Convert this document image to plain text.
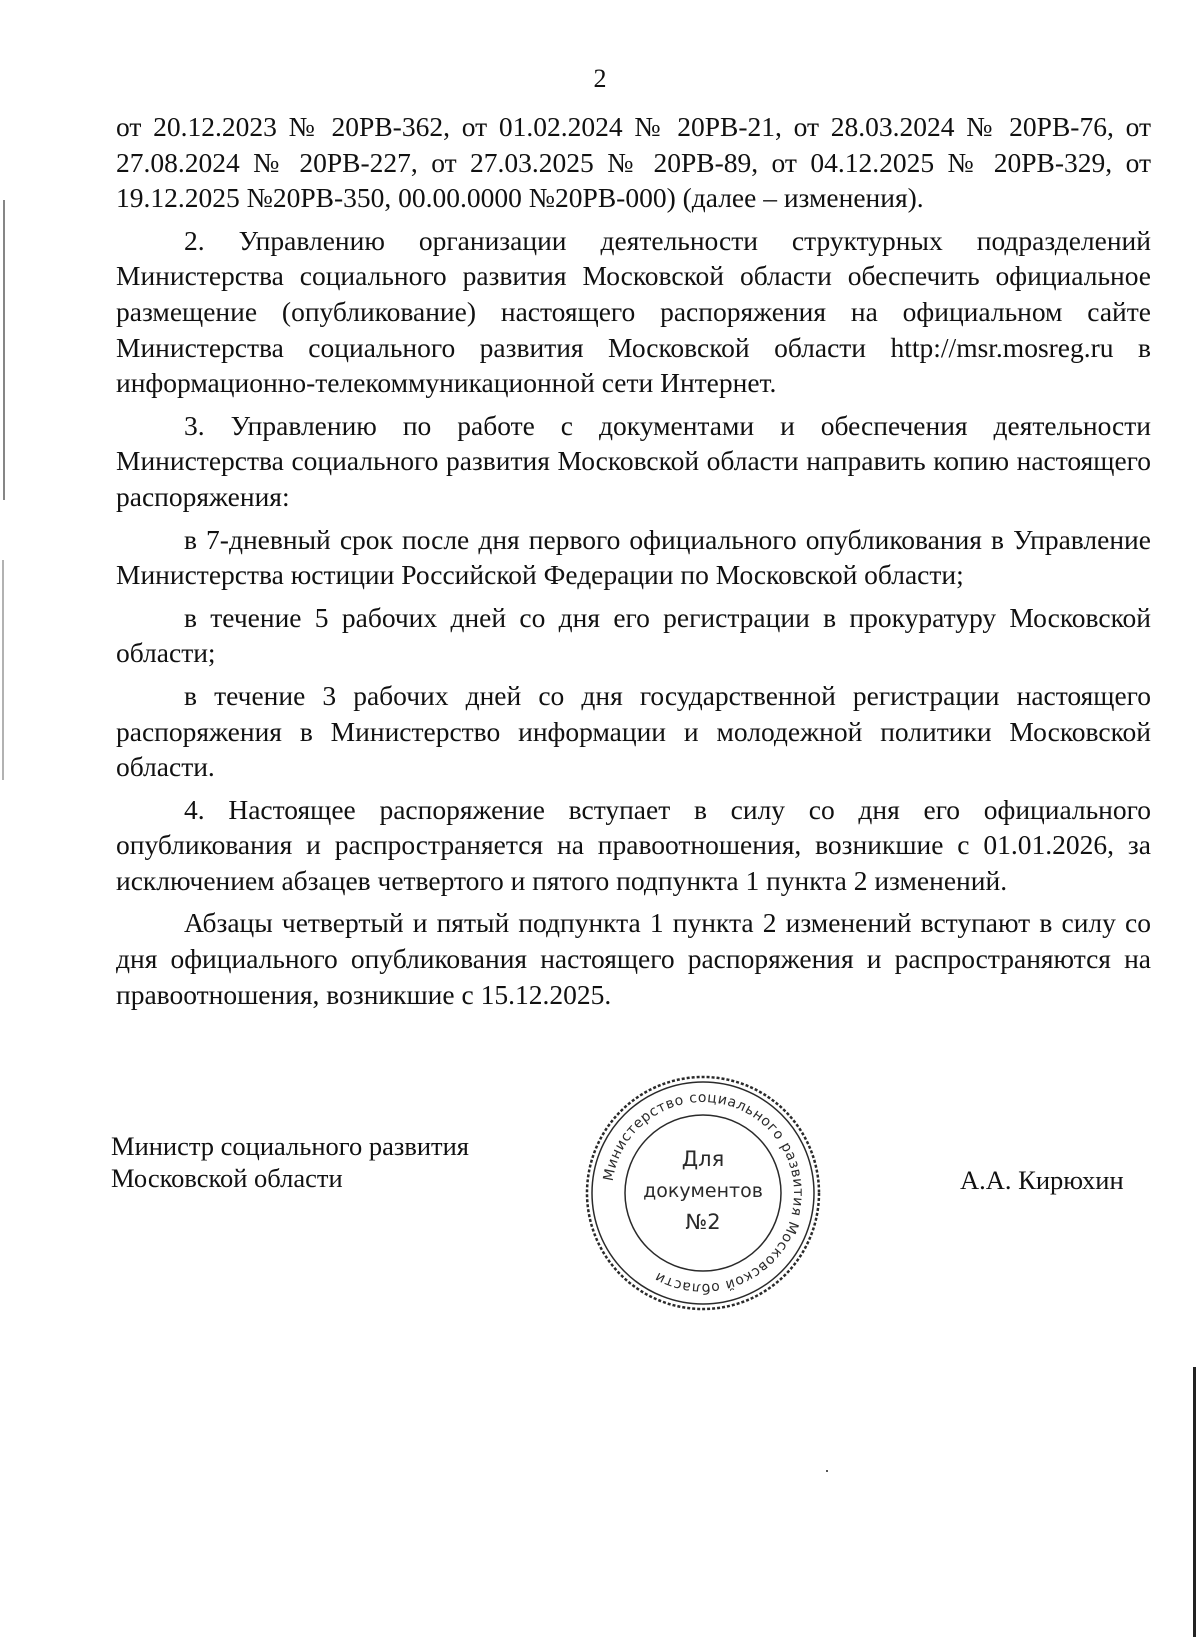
2

от 20.12.2023 № 20РВ-362, от 01.02.2024 № 20РВ-21, от 28.03.2024 № 20РВ-76, от 27.08.2024 № 20РВ-227, от 27.03.2025 № 20РВ-89, от 04.12.2025 № 20РВ-329, от 19.12.2025 №20РВ-350, 00.00.0000 №20РВ-000) (далее – изменения).

2. Управлению организации деятельности структурных подразделений Министерства социального развития Московской области обеспечить официальное размещение (опубликование) настоящего распоряжения на официальном сайте Министерства социального развития Московской области http://msr.mosreg.ru в информационно-телекоммуникационной сети Интернет.

3. Управлению по работе с документами и обеспечения деятельности Министерства социального развития Московской области направить копию настоящего распоряжения:

в 7-дневный срок после дня первого официального опубликования в Управление Министерства юстиции Российской Федерации по Московской области;

в течение 5 рабочих дней со дня его регистрации в прокуратуру Московской области;

в течение 3 рабочих дней со дня государственной регистрации настоящего распоряжения в Министерство информации и молодежной политики Московской области.

4. Настоящее распоряжение вступает в силу со дня его официального опубликования и распространяется на правоотношения, возникшие с 01.01.2026, за исключением абзацев четвертого и пятого подпункта 1 пункта 2 изменений.

Абзацы четвертый и пятый подпункта 1 пункта 2 изменений вступают в силу со дня официального опубликования настоящего распоряжения и распространяются на правоотношения, возникшие с 15.12.2025.

Министр социального развития
Московской области	Министерство социального развития Московской области
Для
документов
№2
А.А. Кирюхин
